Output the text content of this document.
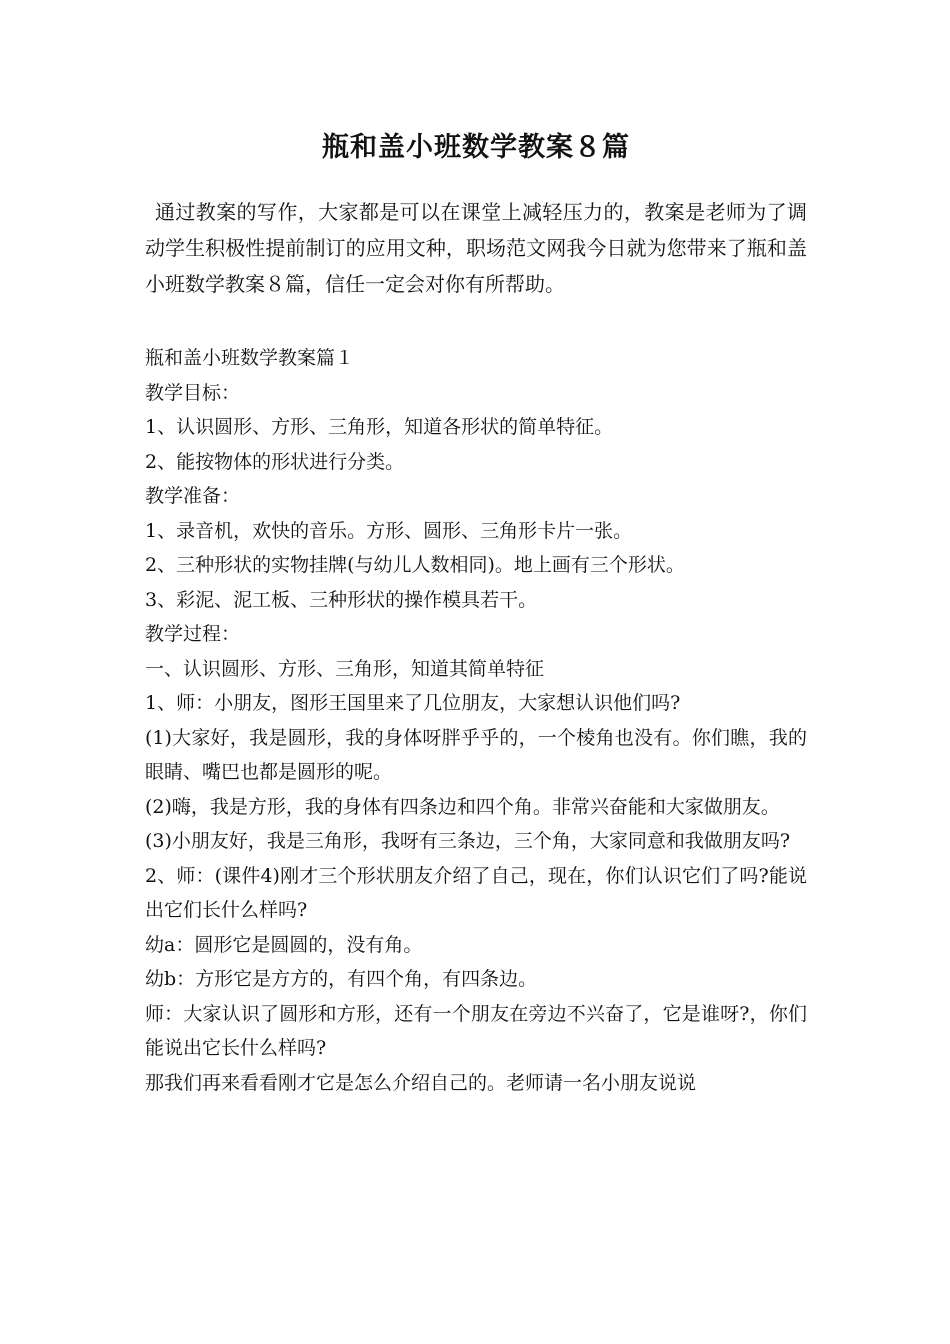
瓶和盖小班数学教案８篇

通过教案的写作，大家都是可以在课堂上减轻压力的，教案是老师为了调动学生积极性提前制订的应用文种，职场范文网我今日就为您带来了瓶和盖小班数学教案８篇，信任一定会对你有所帮助。

瓶和盖小班数学教案篇１

教学目标：

1、认识圆形、方形、三角形，知道各形状的简单特征。

2、能按物体的形状进行分类。

教学准备：

1、录音机，欢快的音乐。方形、圆形、三角形卡片一张。

2、三种形状的实物挂牌(与幼儿人数相同)。地上画有三个形状。

3、彩泥、泥工板、三种形状的操作模具若干。

教学过程：

一、认识圆形、方形、三角形，知道其简单特征

1、师：小朋友，图形王国里来了几位朋友，大家想认识他们吗?

(1)大家好，我是圆形，我的身体呀胖乎乎的，一个棱角也没有。你们瞧，我的眼睛、嘴巴也都是圆形的呢。

(2)嗨，我是方形，我的身体有四条边和四个角。非常兴奋能和大家做朋友。

(3)小朋友好，我是三角形，我呀有三条边，三个角，大家同意和我做朋友吗?

2、师：(课件4)刚才三个形状朋友介绍了自己，现在，你们认识它们了吗?能说出它们长什么样吗?

幼a：圆形它是圆圆的，没有角。

幼b：方形它是方方的，有四个角，有四条边。

师：大家认识了圆形和方形，还有一个朋友在旁边不兴奋了，它是谁呀?，你们能说出它长什么样吗?

那我们再来看看刚才它是怎么介绍自己的。老师请一名小朋友说说
